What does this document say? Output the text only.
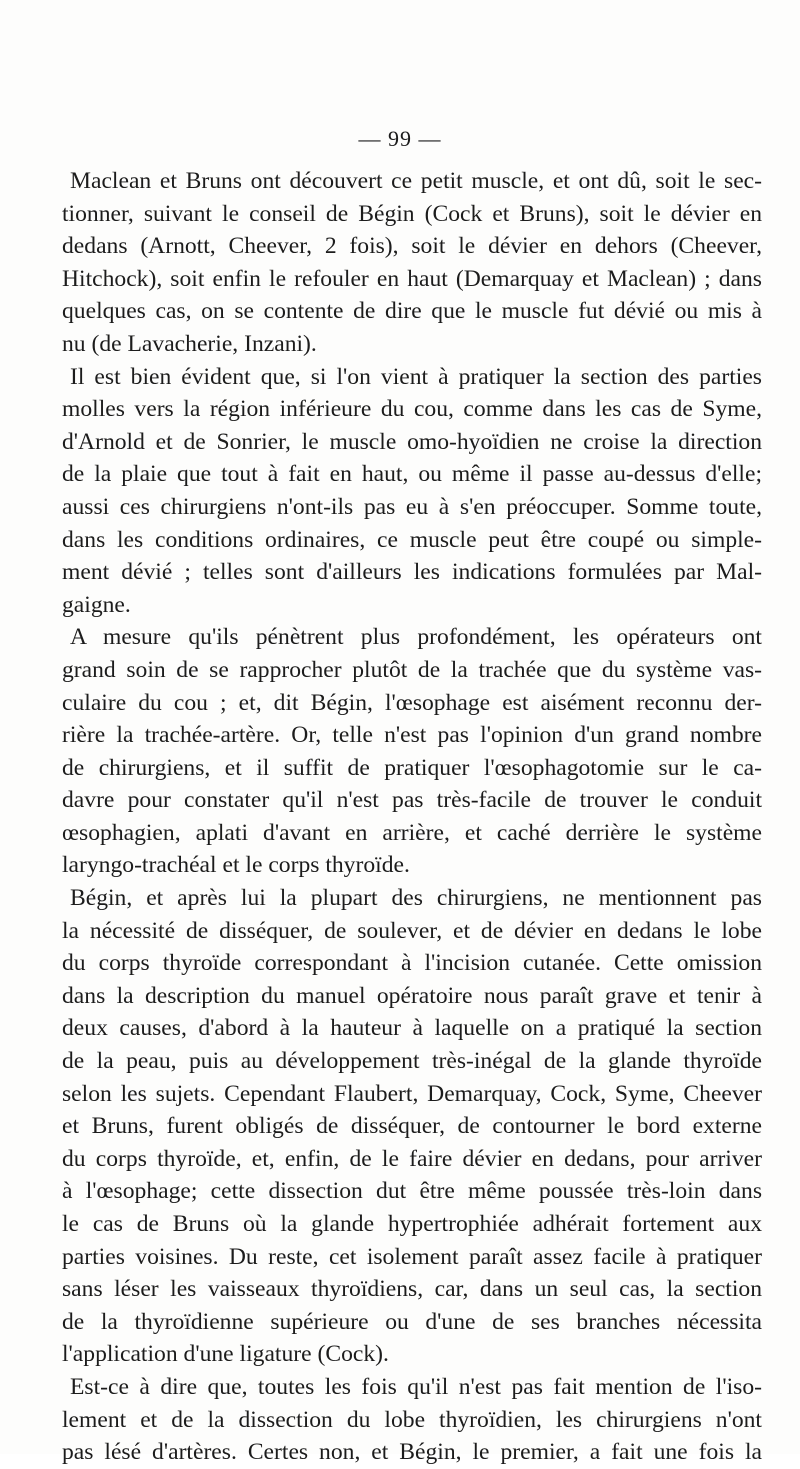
— 99 —

Maclean et Bruns ont découvert ce petit muscle, et ont dû, soit le sec-
tionner, suivant le conseil de Bégin (Cock et Bruns), soit le dévier en
dedans (Arnott, Cheever, 2 fois), soit le dévier en dehors (Cheever,
Hitchock), soit enfin le refouler en haut (Demarquay et Maclean) ; dans
quelques cas, on se contente de dire que le muscle fut dévié ou mis à
nu (de Lavacherie, Inzani).

Il est bien évident que, si l'on vient à pratiquer la section des parties
molles vers la région inférieure du cou, comme dans les cas de Syme,
d'Arnold et de Sonrier, le muscle omo-hyoïdien ne croise la direction
de la plaie que tout à fait en haut, ou même il passe au-dessus d'elle;
aussi ces chirurgiens n'ont-ils pas eu à s'en préoccuper. Somme toute,
dans les conditions ordinaires, ce muscle peut être coupé ou simple-
ment dévié ; telles sont d'ailleurs les indications formulées par Mal-
gaigne.

A mesure qu'ils pénètrent plus profondément, les opérateurs ont
grand soin de se rapprocher plutôt de la trachée que du système vas-
culaire du cou ; et, dit Bégin, l'œsophage est aisément reconnu der-
rière la trachée-artère. Or, telle n'est pas l'opinion d'un grand nombre
de chirurgiens, et il suffit de pratiquer l'œsophagotomie sur le ca-
davre pour constater qu'il n'est pas très-facile de trouver le conduit
œsophagien, aplati d'avant en arrière, et caché derrière le système
laryngo-trachéal et le corps thyroïde.

Bégin, et après lui la plupart des chirurgiens, ne mentionnent pas
la nécessité de disséquer, de soulever, et de dévier en dedans le lobe
du corps thyroïde correspondant à l'incision cutanée. Cette omission
dans la description du manuel opératoire nous paraît grave et tenir à
deux causes, d'abord à la hauteur à laquelle on a pratiqué la section
de la peau, puis au développement très-inégal de la glande thyroïde
selon les sujets. Cependant Flaubert, Demarquay, Cock, Syme, Cheever
et Bruns, furent obligés de disséquer, de contourner le bord externe
du corps thyroïde, et, enfin, de le faire dévier en dedans, pour arriver
à l'œsophage; cette dissection dut être même poussée très-loin dans
le cas de Bruns où la glande hypertrophiée adhérait fortement aux
parties voisines. Du reste, cet isolement paraît assez facile à pratiquer
sans léser les vaisseaux thyroïdiens, car, dans un seul cas, la section
de la thyroïdienne supérieure ou d'une de ses branches nécessita
l'application d'une ligature (Cock).

Est-ce à dire que, toutes les fois qu'il n'est pas fait mention de l'iso-
lement et de la dissection du lobe thyroïdien, les chirurgiens n'ont
pas lésé d'artères. Certes non, et Bégin, le premier, a fait une fois la
